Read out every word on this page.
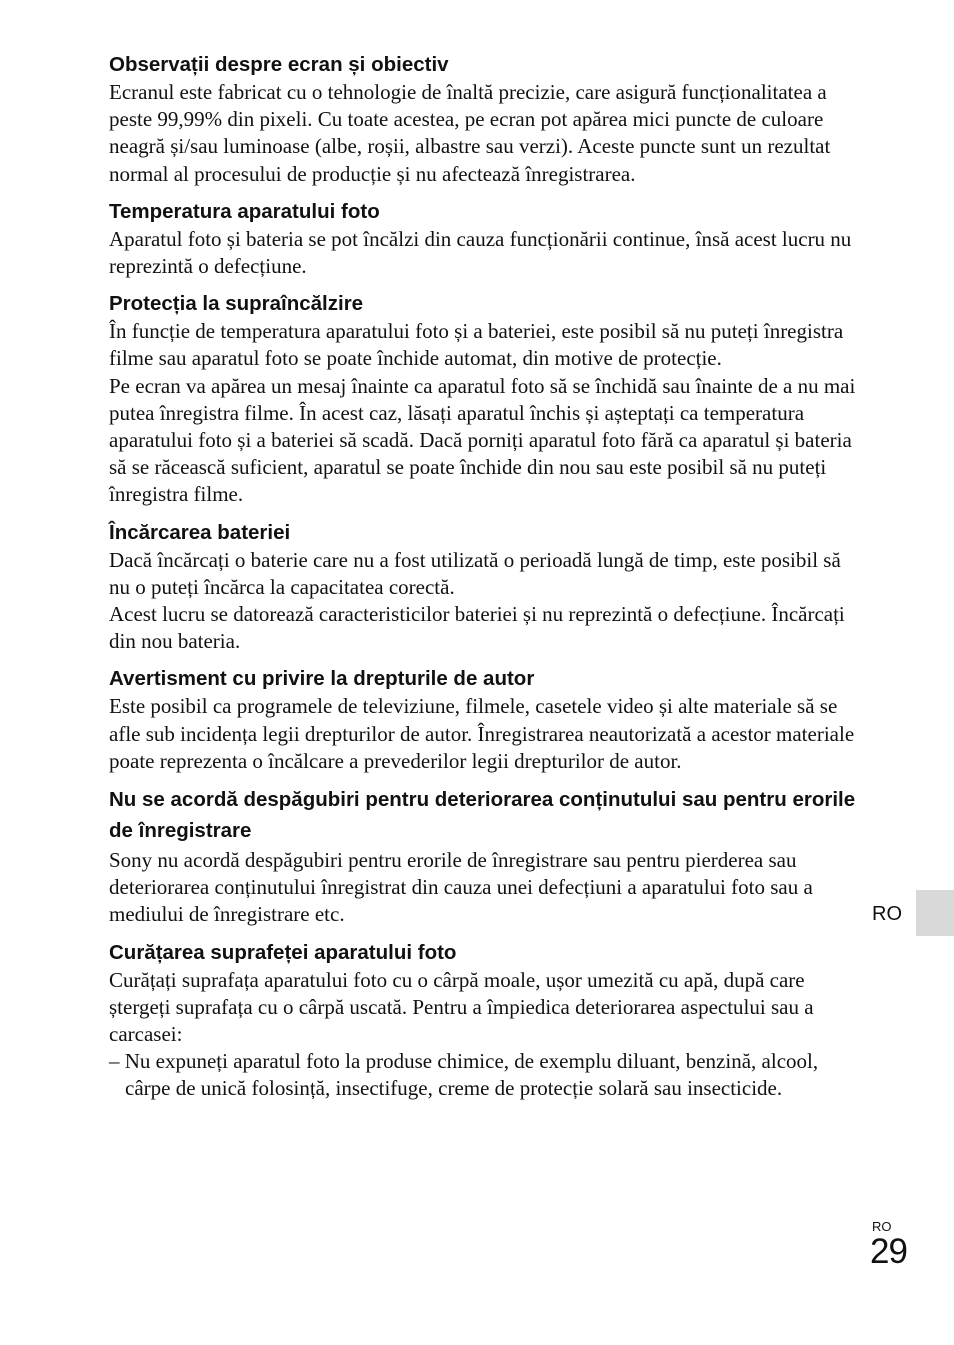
Observații despre ecran și obiectiv

Ecranul este fabricat cu o tehnologie de înaltă precizie, care asigură funcționalitatea a peste 99,99% din pixeli. Cu toate acestea, pe ecran pot apărea mici puncte de culoare neagră și/sau luminoase (albe, roșii, albastre sau verzi). Aceste puncte sunt un rezultat normal al procesului de producție și nu afectează înregistrarea.

Temperatura aparatului foto

Aparatul foto și bateria se pot încălzi din cauza funcționării continue, însă acest lucru nu reprezintă o defecțiune.

Protecția la supraîncălzire

În funcție de temperatura aparatului foto și a bateriei, este posibil să nu puteți înregistra filme sau aparatul foto se poate închide automat, din motive de protecție.

Pe ecran va apărea un mesaj înainte ca aparatul foto să se închidă sau înainte de a nu mai putea înregistra filme. În acest caz, lăsați aparatul închis și așteptați ca temperatura aparatului foto și a bateriei să scadă. Dacă porniți aparatul foto fără ca aparatul și bateria să se răcească suficient, aparatul se poate închide din nou sau este posibil să nu puteți înregistra filme.

Încărcarea bateriei

Dacă încărcați o baterie care nu a fost utilizată o perioadă lungă de timp, este posibil să nu o puteți încărca la capacitatea corectă.

Acest lucru se datorează caracteristicilor bateriei și nu reprezintă o defecțiune. Încărcați din nou bateria.

Avertisment cu privire la drepturile de autor

Este posibil ca programele de televiziune, filmele, casetele video și alte materiale să se afle sub incidența legii drepturilor de autor. Înregistrarea neautorizată a acestor materiale poate reprezenta o încălcare a prevederilor legii drepturilor de autor.

Nu se acordă despăgubiri pentru deteriorarea conținutului sau pentru erorile de înregistrare

Sony nu acordă despăgubiri pentru erorile de înregistrare sau pentru pierderea sau deteriorarea conținutului înregistrat din cauza unei defecțiuni a aparatului foto sau a mediului de înregistrare etc.

Curățarea suprafeței aparatului foto

Curățați suprafața aparatului foto cu o cârpă moale, ușor umezită cu apă, după care ștergeți suprafața cu o cârpă uscată. Pentru a împiedica deteriorarea aspectului sau a carcasei:

– Nu expuneți aparatul foto la produse chimice, de exemplu diluant, benzină, alcool, cârpe de unică folosință, insectifuge, creme de protecție solară sau insecticide.

RO
RO
29
